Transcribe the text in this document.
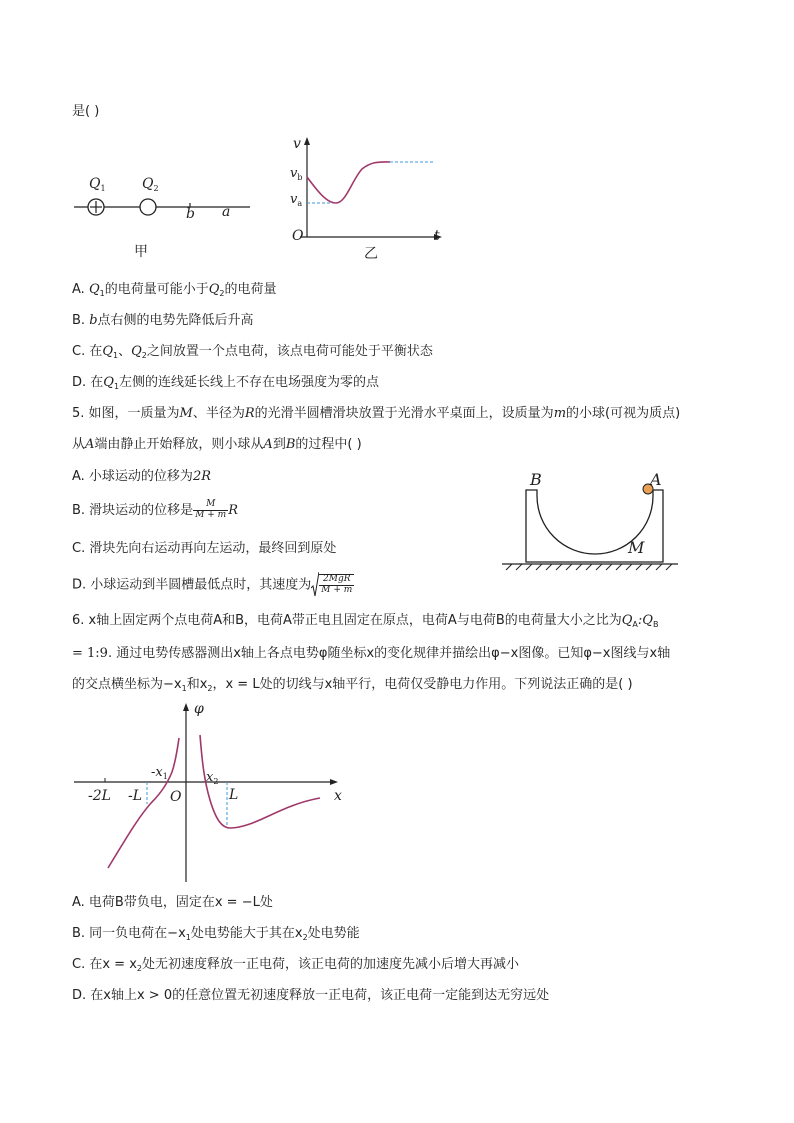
是( )
$Q_1$	$Q_2$
b a
甲
v
$v_b$
$v_a$
O	t
乙
A. $Q_1$的电荷量可能小于$Q_2$的电荷量
B. b点右侧的电势先降低后升高
C. 在$Q_1$、$Q_2$之间放置一个点电荷，该点电荷可能处于平衡状态
D. 在$Q_1$左侧的连线延长线上不存在电场强度为零的点
5. 如图，一质量为M、半径为R的光滑半圆槽滑块放置于光滑水平桌面上，设质量为m的小球(可视为质点)
从A端由静止开始释放，则小球从A到B的过程中( )
A. 小球运动的位移为2R
B. 滑块运动的位移是 $\frac{M}{M + m}$ R
C. 滑块先向右运动再向左运动，最终回到原处
D. 小球运动到半圆槽最低点时，其速度为 $\frac{\text{2MgR}}{M + m}$
B	A
M
6. x轴上固定两个点电荷A和B，电荷A带正电且固定在原点，电荷A与电荷B的电荷量大小之比为$Q_A:Q_B$
= 1:9. 通过电势传感器测出x轴上各点电势φ随坐标x的变化规律并描绘出φ−x图像。已知φ−x图线与x轴
的交点横坐标为$-x_1$和$x_2$，x = L处的切线与x轴平行，电荷仅受静电力作用。下列说法正确的是( )
φ
x
-2L -L O	L
$-x_1$	$x_2$
A. 电荷B带负电，固定在x = −L处
B. 同一负电荷在$-x_1$处电势能大于其在$x_2$处电势能
C. 在$x = x_2$处无初速度释放一正电荷，该正电荷的加速度先减小后增大再减小
D. 在x轴上x > 0的任意位置无初速度释放一正电荷，该正电荷一定能到达无穷远处
